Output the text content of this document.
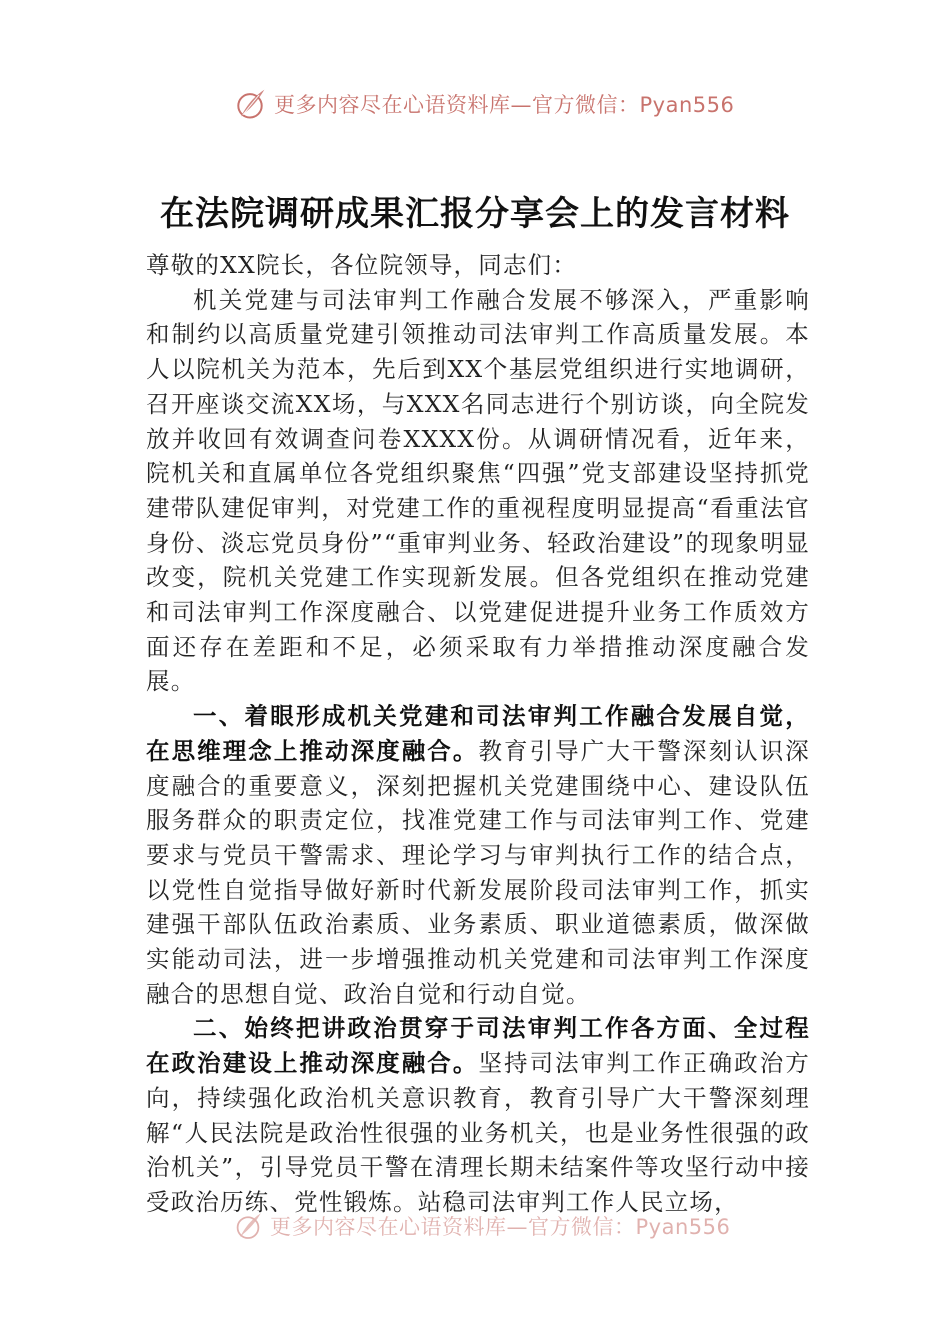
更多内容尽在心语资料库—官方微信：Pyan556
在法院调研成果汇报分享会上的发言材料

尊敬的XX院长，各位院领导，同志们：

机关党建与司法审判工作融合发展不够深入，严重影响和制约以高质量党建引领推动司法审判工作高质量发展。本人以院机关为范本，先后到XX个基层党组织进行实地调研，召开座谈交流XX场，与XXX名同志进行个别访谈，向全院发放并收回有效调查问卷XXXX份。从调研情况看，近年来，院机关和直属单位各党组织聚焦“四强”党支部建设坚持抓党建带队建促审判，对党建工作的重视程度明显提高“看重法官身份、淡忘党员身份”“重审判业务、轻政治建设”的现象明显改变，院机关党建工作实现新发展。但各党组织在推动党建和司法审判工作深度融合、以党建促进提升业务工作质效方面还存在差距和不足，必须采取有力举措推动深度融合发展。

一、着眼形成机关党建和司法审判工作融合发展自觉，在思维理念上推动深度融合。教育引导广大干警深刻认识深度融合的重要意义，深刻把握机关党建围绕中心、建设队伍服务群众的职责定位，找准党建工作与司法审判工作、党建要求与党员干警需求、理论学习与审判执行工作的结合点，以党性自觉指导做好新时代新发展阶段司法审判工作，抓实建强干部队伍政治素质、业务素质、职业道德素质，做深做实能动司法，进一步增强推动机关党建和司法审判工作深度融合的思想自觉、政治自觉和行动自觉。

二、始终把讲政治贯穿于司法审判工作各方面、全过程在政治建设上推动深度融合。坚持司法审判工作正确政治方向，持续强化政治机关意识教育，教育引导广大干警深刻理解“人民法院是政治性很强的业务机关，也是业务性很强的政治机关”，引导党员干警在清理长期未结案件等攻坚行动中接受政治历练、党性锻炼。站稳司法审判工作人民立场，

更多内容尽在心语资料库—官方微信：Pyan556
